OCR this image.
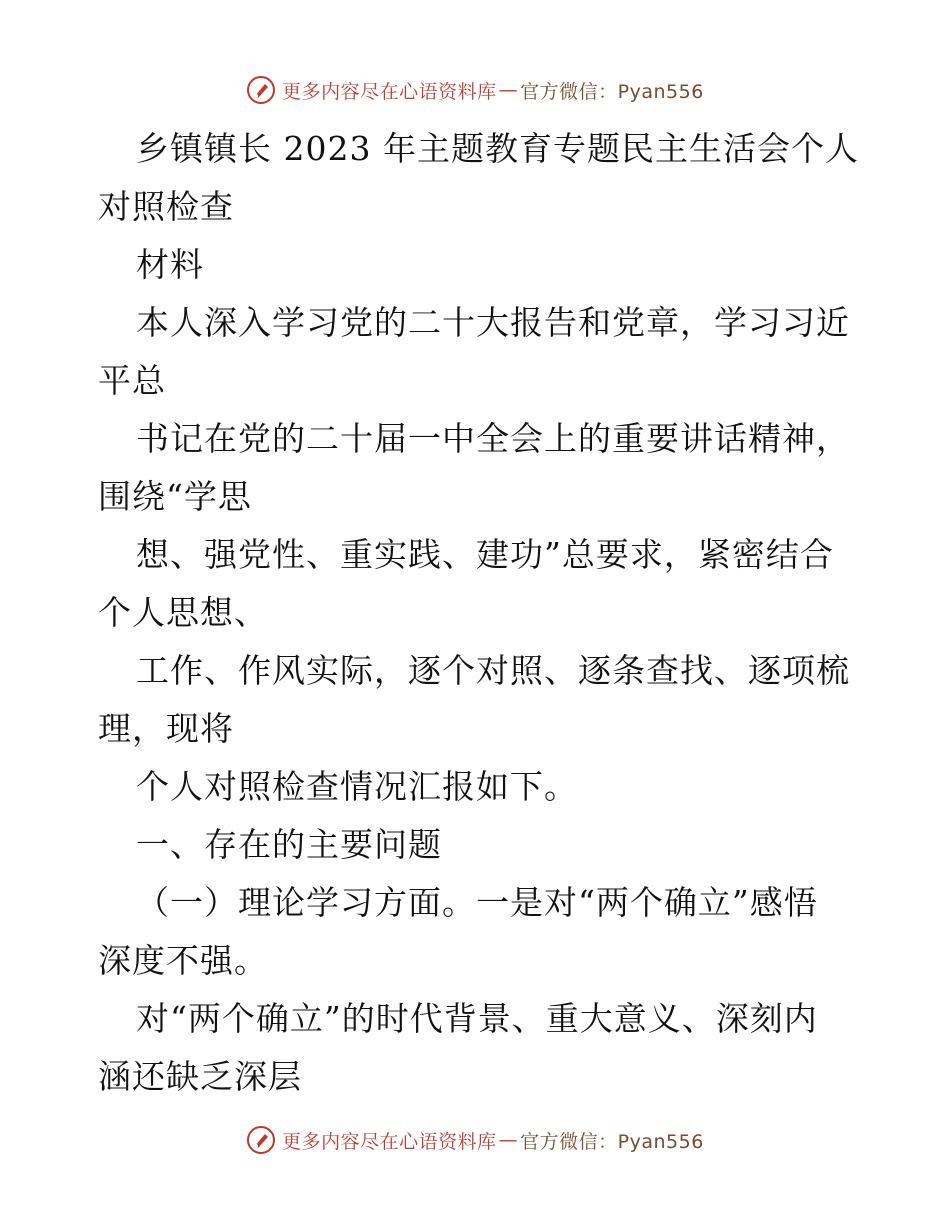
更多内容尽在心语资料库 — 官方微信：Pyan556

乡镇镇长 2023 年主题教育专题民主生活会个人

对照检查

材料

本人深入学习党的二十大报告和党章，学习习近

平总

书记在党的二十届一中全会上的重要讲话精神，

围绕“学思

想、强党性、重实践、建功”总要求，紧密结合

个人思想、

工作、作风实际，逐个对照、逐条查找、逐项梳

理，现将

个人对照检查情况汇报如下。

一、存在的主要问题

（一）理论学习方面。一是对“两个确立”感悟

深度不强。

对“两个确立”的时代背景、重大意义、深刻内

涵还缺乏深层

更多内容尽在心语资料库 — 官方微信：Pyan556
